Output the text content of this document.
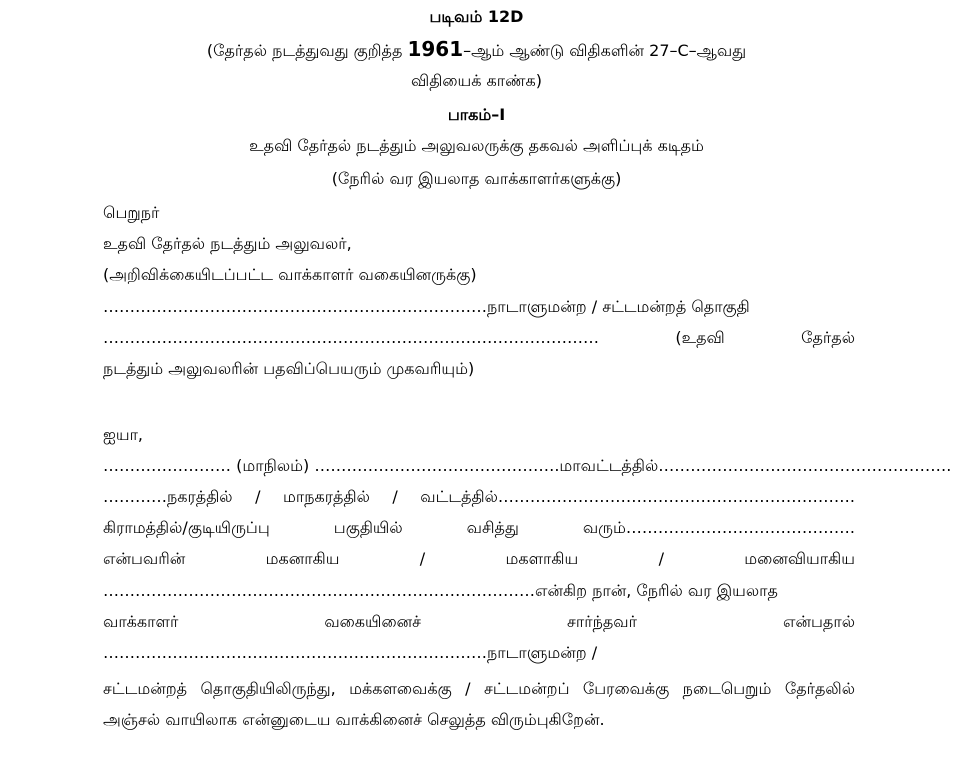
படிவம் 12D
(தேர்தல் நடத்துவது குறித்த 1961–ஆம் ஆண்டு விதிகளின் 27–C–ஆவது
விதியைக் காண்க)
பாகம்–I
உதவி தேர்தல் நடத்தும் அலுவலருக்கு தகவல் அளிப்புக் கடிதம்
(நேரில் வர இயலாத வாக்காளர்களுக்கு)
பெறுநர்
உதவி தேர்தல் நடத்தும் அலுவலர்,
(அறிவிக்கையிடப்பட்ட வாக்காளர் வகையினருக்கு)
………………………………………………………………நாடாளுமன்ற / சட்டமன்றத் தொகுதி
…………………………………………………………………………………	(உதவி	தேர்தல்
நடத்தும் அலுவலரின் பதவிப்பெயரும் முகவரியும்)
ஐயா,
…………………… (மாநிலம்) ……………………………………….மாவட்டத்தில்……………………………………………….
…………நகரத்தில் / மாநகரத்தில் / வட்டத்தில்………………………………………………………….
கிராமத்தில்/குடியிருப்பு	பகுதியில்	வசித்து	வரும்…………………………………….
என்பவரின்	மகனாகிய	/	மகளாகிய	/	மனைவியாகிய
………………………………………………………………………என்கிற நான், நேரில் வர இயலாத
வாக்காளர்	வகையினைச்	சார்ந்தவர்	என்பதால்
………………………………………………………………நாடாளுமன்ற /
சட்டமன்றத் தொகுதியிலிருந்து, மக்களவைக்கு / சட்டமன்றப் பேரவைக்கு நடைபெறும் தேர்தலில் அஞ்சல் வாயிலாக என்னுடைய வாக்கினைச் செலுத்த விரும்புகிறேன்.
